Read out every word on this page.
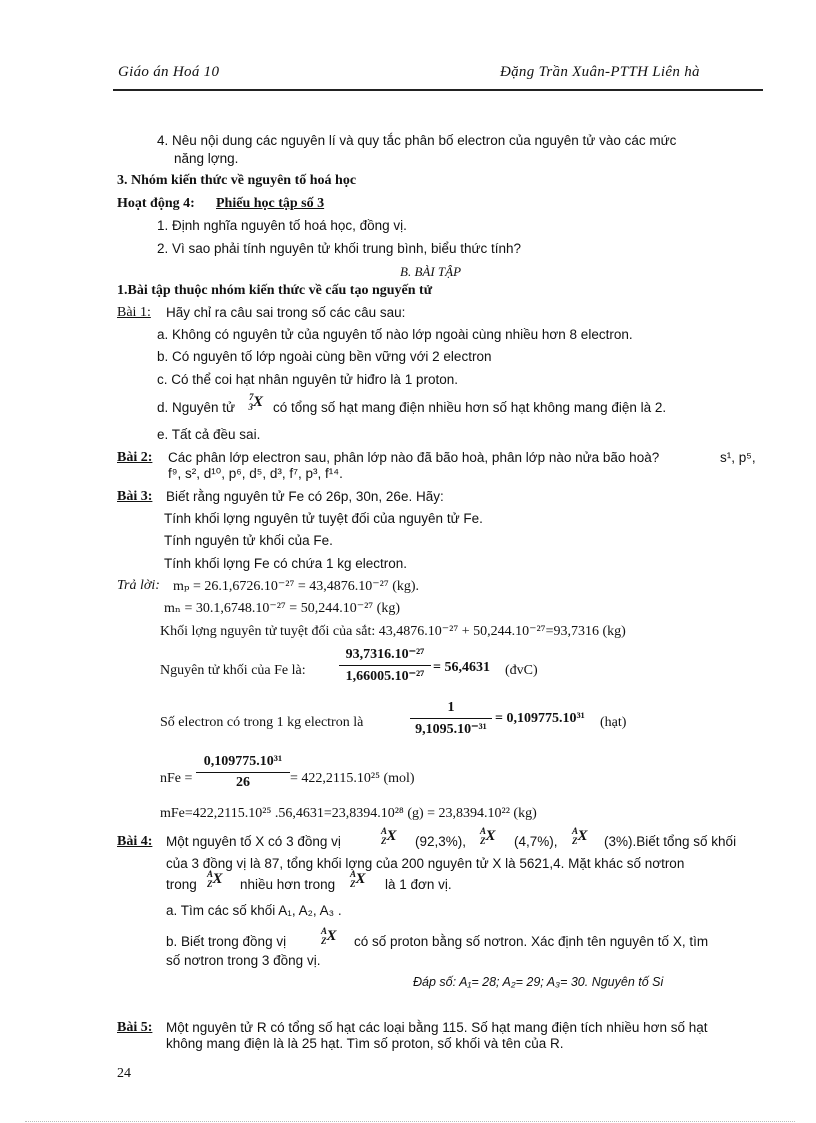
Giáo án Hoá 10	Đặng Trần Xuân-PTTH Liên hà
4. Nêu nội dung các nguyên lí và quy tắc phân bố electron của nguyên tử vào các mức
năng lợng.
3. Nhóm kiến thức về nguyên tố hoá học
Hoạt động 4: Phiếu học tập số 3
1. Định nghĩa nguyên tố hoá học, đồng vị.
2. Vì sao phải tính nguyên tử khối trung bình, biểu thức tính?
B. BÀI TẬP
1.Bài tập thuộc nhóm kiến thức về cấu tạo nguyến tử
Bài 1: Hãy chỉ ra câu sai trong số các câu sau:
a. Không có nguyên tử của nguyên tố nào lớp ngoài cùng nhiều hơn 8 electron.
b. Có nguyên tố lớp ngoài cùng bền vững với 2 electron
c. Có thể coi hạt nhân nguyên tử hiđro là 1 proton.
d. Nguyên tử
$^7_3$X có tổng số hạt mang điện nhiều hơn số hạt không mang điện là 2.
e. Tất cả đều sai.
Bài 2: Các phân lớp electron sau, phân lớp nào đã bão hoà, phân lớp nào nửa bão hoà?	s¹, p⁵,
f⁹, s², d¹⁰, p⁶, d⁵, d³, f⁷, p³, f¹⁴.
Bài 3: Biết rằng nguyên tử Fe có 26p, 30n, 26e. Hãy:
Tính khối lợng nguyên tử tuyệt đối của nguyên tử Fe.
Tính nguyên tử khối của Fe.
Tính khối lợng Fe có chứa 1 kg electron.
Trả lời: mₚ = 26.1,6726.10⁻²⁷ = 43,4876.10⁻²⁷ (kg).
mₙ = 30.1,6748.10⁻²⁷ = 50,244.10⁻²⁷ (kg)
Khối lợng nguyên tử tuyệt đối của sắt: 43,4876.10⁻²⁷ + 50,244.10⁻²⁷=93,7316 (kg)
Nguyên tử khối của Fe là:
93,7316.10⁻²⁷
1,66005.10⁻²⁷
= 56,4631 (đvC)
Số electron có trong 1 kg electron là
1
9,1095.10⁻³¹
= 0,109775.10³¹ (hạt)
nFe =
0,109775.10³¹
26	= 422,2115.10²⁵ (mol)
mFe=422,2115.10²⁵ .56,4631=23,8394.10²⁸ (g) = 23,8394.10²² (kg)
Bài 4: Một nguyên tố X có 3 đồng vị
$^A_Z$X (92,3%),
$^A_Z$X (4,7%),
$^A_Z$X (3%).Biết tổng số khối
của 3 đồng vị là 87, tổng khối lợng của 200 nguyên tử X là 5621,4. Mặt khác số nơtron
trong
$^A_Z$X nhiều hơn trong
$^A_Z$X là 1 đơn vị.
a. Tìm các số khối A₁, A₂, A₃ .
b. Biết trong đồng vị
$^A_Z$X có số proton bằng số nơtron. Xác định tên nguyên tố X, tìm
số nơtron trong 3 đồng vị.
Đáp số: A₁= 28; A₂= 29; A₃= 30. Nguyên tố Si
Bài 5: Một nguyên tử R có tổng số hạt các loại bằng 115. Số hạt mang điện tích nhiều hơn số hạt
không mang điện là là 25 hạt. Tìm số proton, số khối và tên của R.
24
